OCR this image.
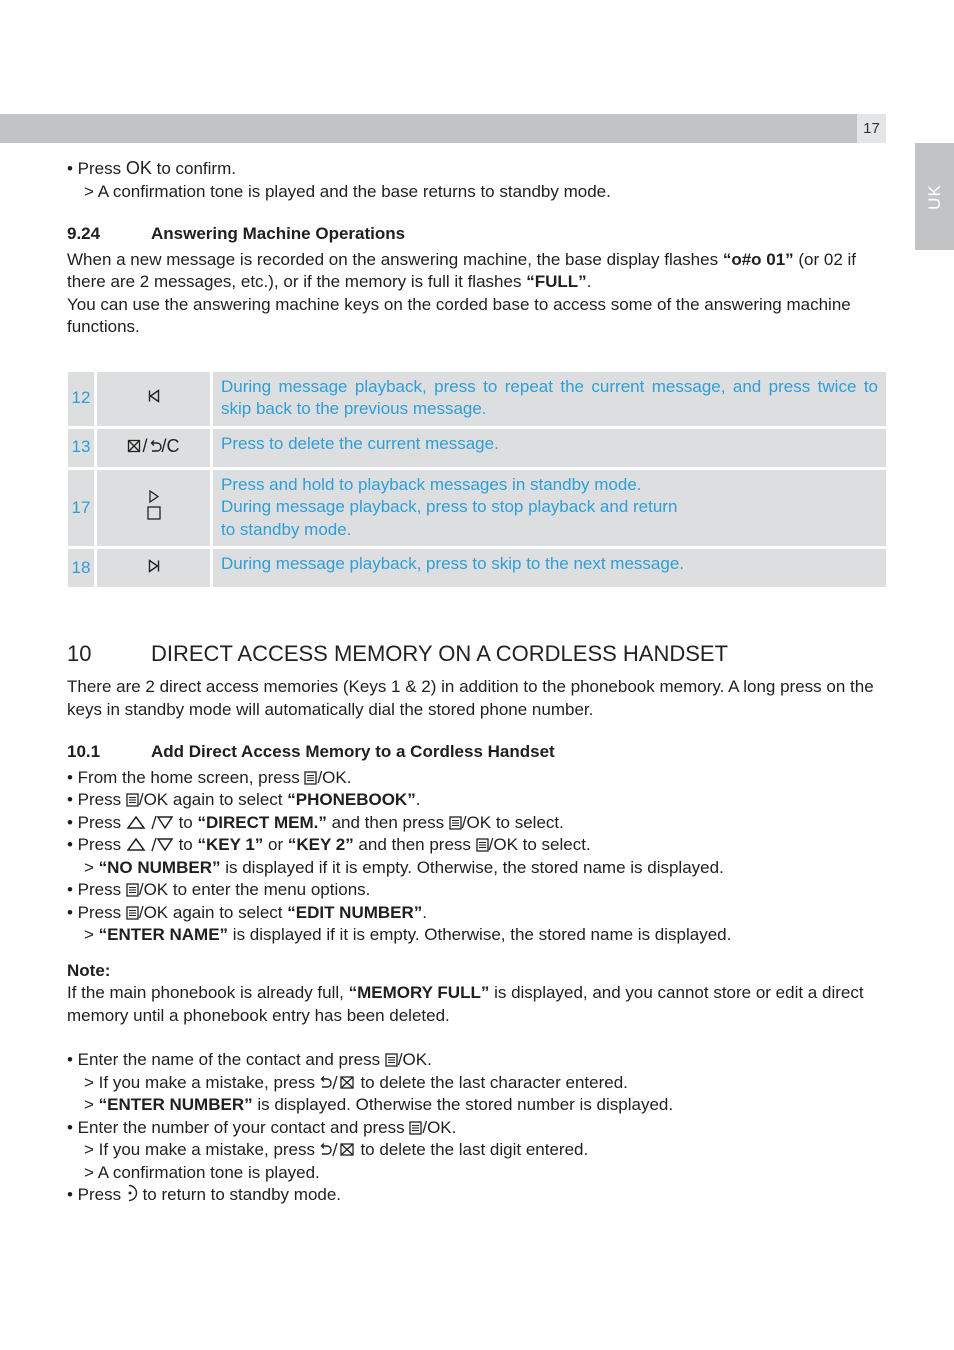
17
UK

• Press OK to confirm.

> A confirmation tone is played and the base returns to standby mode.

9.24	Answering Machine Operations

When a new message is recorded on the answering machine, the base display flashes “o#o 01” (or 02 if there are 2 messages, etc.), or if the memory is full it flashes “FULL”.

You can use the answering machine keys on the corded base to access some of the answering machine functions.

12		During message playback, press to repeat the current message, and press twice to skip back to the previous message.
13	/ /C	Press to delete the current message.
17		Press and hold to playback messages in standby mode.
During message playback, press to stop playback and return
to standby mode.
18		During message playback, press to skip to the next message.

10	DIRECT ACCESS MEMORY ON A CORDLESS HANDSET

There are 2 direct access memories (Keys 1 & 2) in addition to the phonebook memory. A long press on the keys in standby mode will automatically dial the stored phone number.

10.1	Add Direct Access Memory to a Cordless Handset

• From the home screen, press
/OK.

• Press
/OK again to select “PHONEBOOK”.

• Press	to “DIRECT MEM.” and then press
/OK to select.

• Press	to “KEY 1” or “KEY 2” and then press
/OK to select.

> “NO NUMBER” is displayed if it is empty. Otherwise, the stored name is displayed.

• Press
/OK to enter the menu options.

• Press
/OK again to select “EDIT NUMBER”.

> “ENTER NAME” is displayed if it is empty. Otherwise, the stored name is displayed.

Note:

If the main phonebook is already full, “MEMORY FULL” is displayed, and you cannot store or edit a direct memory until a phonebook entry has been deleted.

• Enter the name of the contact and press
/OK.

> If you make a mistake, press
to delete the last character entered.

> “ENTER NUMBER” is displayed. Otherwise the stored number is displayed.

• Enter the number of your contact and press
/OK.

> If you make a mistake, press
to delete the last digit entered.

> A confirmation tone is played.

• Press
to return to standby mode.
